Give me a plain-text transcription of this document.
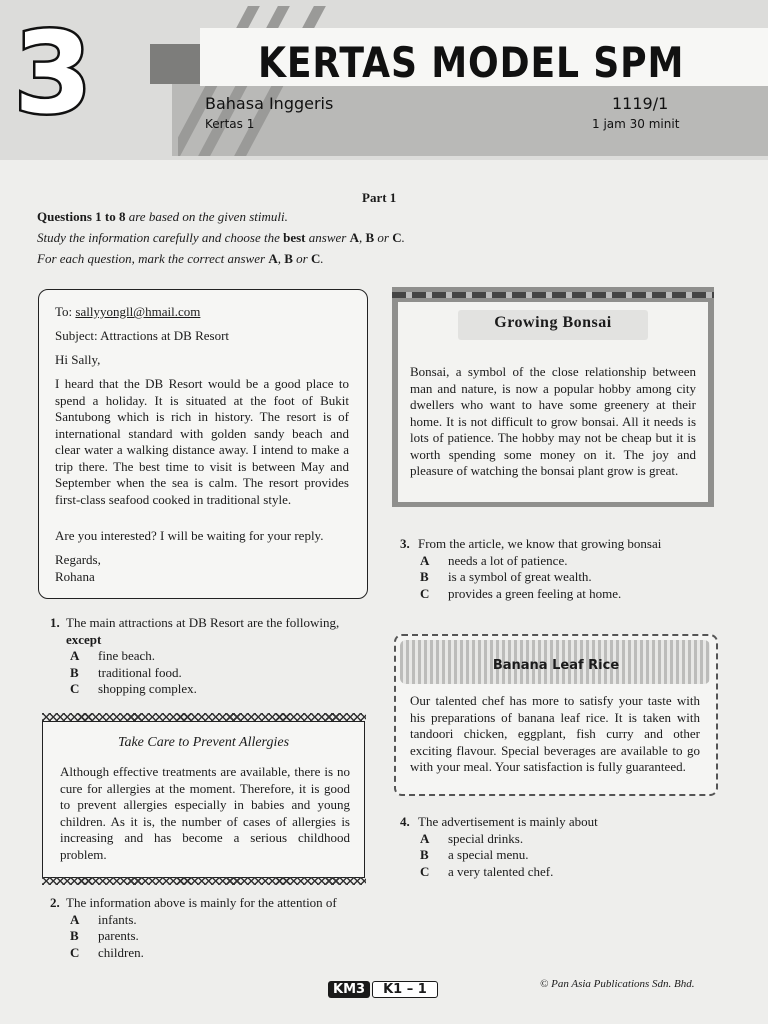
3	KERTAS MODEL SPM
Bahasa Inggeris
Kertas 1
1119/1
1 jam 30 minit

Part 1
Questions 1 to 8 are based on the given stimuli.
Study the information carefully and choose the best answer A, B or C.
For each question, mark the correct answer A, B or C.
To: sallyyongll@hmail.com
Subject: Attractions at DB Resort
Hi Sally,
I heard that the DB Resort would be a good place to spend a holiday. It is situated at the foot of Bukit Santubong which is rich in history. The resort is of international standard with golden sandy beach and clear water a walking distance away. I intend to make a trip there. The best time to visit is between May and September when the sea is calm. The resort provides first-class seafood cooked in traditional style.
Are you interested? I will be waiting for your reply.
Regards,
Rohana
1. The main attractions at DB Resort are the following,
except
A	fine beach.
B	traditional food.
C	shopping complex.
Take Care to Prevent Allergies
Although effective treatments are available, there is no cure for allergies at the moment. Therefore, it is good to prevent allergies especially in babies and young children. As it is, the number of cases of allergies is increasing and has become a serious childhood problem.
2. The information above is mainly for the attention of
A	infants.
B	parents.
C	children.
Growing Bonsai
Bonsai, a symbol of the close relationship between man and nature, is now a popular hobby among city dwellers who want to have some greenery at their home. It is not difficult to grow bonsai. All it needs is lots of patience. The hobby may not be cheap but it is worth spending some money on it. The joy and pleasure of watching the bonsai plant grow is great.
3. From the article, we know that growing bonsai
A	needs a lot of patience.
B	is a symbol of great wealth.
C	provides a green feeling at home.
Banana Leaf Rice
Our talented chef has more to satisfy your taste with his preparations of banana leaf rice. It is taken with tandoori chicken, eggplant, fish curry and other exciting flavour. Special beverages are available to go with your meal. Your satisfaction is fully guaranteed.
4. The advertisement is mainly about
A	special drinks.
B	a special menu.
C	a very talented chef.
KM3	K1 – 1	© Pan Asia Publications Sdn. Bhd.
